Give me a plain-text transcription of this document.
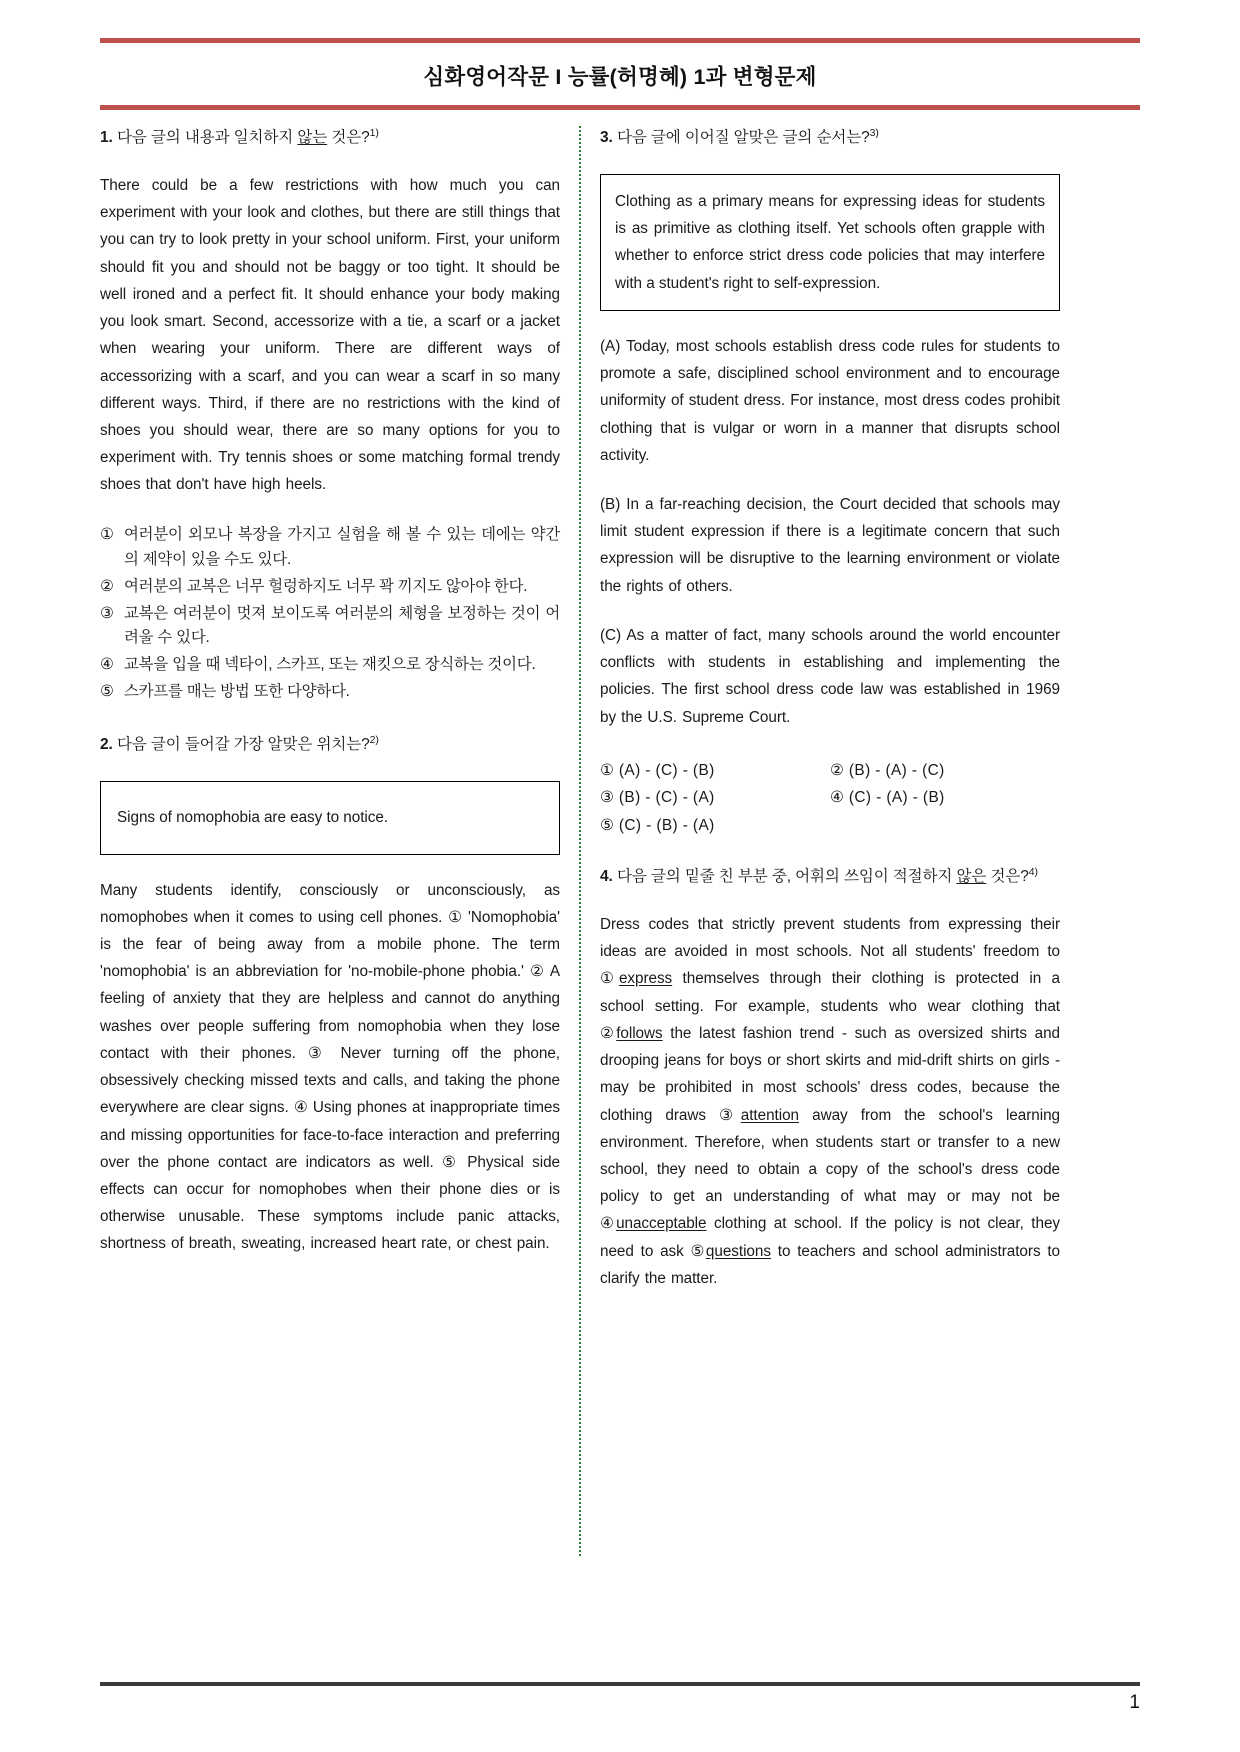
심화영어작문 I 능률(허명혜) 1과 변형문제
1. 다음 글의 내용과 일치하지 않는 것은?$^{1)}$
There could be a few restrictions with how much you can experiment with your look and clothes, but there are still things that you can try to look pretty in your school uniform. First, your uniform should fit you and should not be baggy or too tight. It should be well ironed and a perfect fit. It should enhance your body making you look smart. Second, accessorize with a tie, a scarf or a jacket when wearing your uniform. There are different ways of accessorizing with a scarf, and you can wear a scarf in so many different ways. Third, if there are no restrictions with the kind of shoes you should wear, there are so many options for you to experiment with. Try tennis shoes or some matching formal trendy shoes that don't have high heels.
① 여러분이 외모나 복장을 가지고 실험을 해 볼 수 있는 데에는 약간의 제약이 있을 수도 있다.
② 여러분의 교복은 너무 헐렁하지도 너무 꽉 끼지도 않아야 한다.
③ 교복은 여러분이 멋져 보이도록 여러분의 체형을 보정하는 것이 어려울 수 있다.
④ 교복을 입을 때 넥타이, 스카프, 또는 재킷으로 장식하는 것이다.
⑤ 스카프를 매는 방법 또한 다양하다.
2. 다음 글이 들어갈 가장 알맞은 위치는?$^{2)}$
Signs of nomophobia are easy to notice.
Many students identify, consciously or unconsciously, as nomophobes when it comes to using cell phones. ① 'Nomophobia' is the fear of being away from a mobile phone. The term 'nomophobia' is an abbreviation for 'no-mobile-phone phobia.' ② A feeling of anxiety that they are helpless and cannot do anything washes over people suffering from nomophobia when they lose contact with their phones. ③ Never turning off the phone, obsessively checking missed texts and calls, and taking the phone everywhere are clear signs. ④ Using phones at inappropriate times and missing opportunities for face-to-face interaction and preferring over the phone contact are indicators as well. ⑤ Physical side effects can occur for nomophobes when their phone dies or is otherwise unusable. These symptoms include panic attacks, shortness of breath, sweating, increased heart rate, or chest pain.
3. 다음 글에 이어질 알맞은 글의 순서는?$^{3)}$
Clothing as a primary means for expressing ideas for students is as primitive as clothing itself. Yet schools often grapple with whether to enforce strict dress code policies that may interfere with a student's right to self-expression.
(A) Today, most schools establish dress code rules for students to promote a safe, disciplined school environment and to encourage uniformity of student dress. For instance, most dress codes prohibit clothing that is vulgar or worn in a manner that disrupts school activity.
(B) In a far-reaching decision, the Court decided that schools may limit student expression if there is a legitimate concern that such expression will be disruptive to the learning environment or violate the rights of others.
(C) As a matter of fact, many schools around the world encounter conflicts with students in establishing and implementing the policies. The first school dress code law was established in 1969 by the U.S. Supreme Court.
① (A) - (C) - (B)	② (B) - (A) - (C)
③ (B) - (C) - (A)	④ (C) - (A) - (B)
⑤ (C) - (B) - (A)
4. 다음 글의 밑줄 친 부분 중, 어휘의 쓰임이 적절하지 않은 것은?$^{4)}$
Dress codes that strictly prevent students from expressing their ideas are avoided in most schools. Not all students' freedom to ①express themselves through their clothing is protected in a school setting. For example, students who wear clothing that ②follows the latest fashion trend - such as oversized shirts and drooping jeans for boys or short skirts and mid-drift shirts on girls - may be prohibited in most schools' dress codes, because the clothing draws ③attention away from the school's learning environment. Therefore, when students start or transfer to a new school, they need to obtain a copy of the school's dress code policy to get an understanding of what may or may not be ④unacceptable clothing at school. If the policy is not clear, they need to ask ⑤questions to teachers and school administrators to clarify the matter.
1
